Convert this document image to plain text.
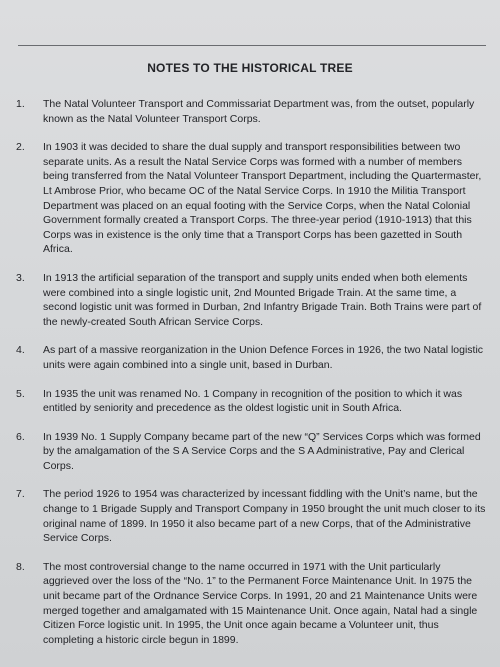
NOTES TO THE HISTORICAL TREE
1. The Natal Volunteer Transport and Commissariat Department was, from the outset, popularly known as the Natal Volunteer Transport Corps.
2. In 1903 it was decided to share the dual supply and transport responsibilities between two separate units. As a result the Natal Service Corps was formed with a number of members being transferred from the Natal Volunteer Transport Department, including the Quartermaster, Lt Ambrose Prior, who became OC of the Natal Service Corps. In 1910 the Militia Transport Department was placed on an equal footing with the Service Corps, when the Natal Colonial Government formally created a Transport Corps. The three-year period (1910-1913) that this Corps was in existence is the only time that a Transport Corps has been gazetted in South Africa.
3. In 1913 the artificial separation of the transport and supply units ended when both elements were combined into a single logistic unit, 2nd Mounted Brigade Train. At the same time, a second logistic unit was formed in Durban, 2nd Infantry Brigade Train. Both Trains were part of the newly-created South African Service Corps.
4. As part of a massive reorganization in the Union Defence Forces in 1926, the two Natal logistic units were again combined into a single unit, based in Durban.
5. In 1935 the unit was renamed No. 1 Company in recognition of the position to which it was entitled by seniority and precedence as the oldest logistic unit in South Africa.
6. In 1939 No. 1 Supply Company became part of the new “Q” Services Corps which was formed by the amalgamation of the S A Service Corps and the S A Administrative, Pay and Clerical Corps.
7. The period 1926 to 1954 was characterized by incessant fiddling with the Unit’s name, but the change to 1 Brigade Supply and Transport Company in 1950 brought the unit much closer to its original name of 1899. In 1950 it also became part of a new Corps, that of the Administrative Service Corps.
8. The most controversial change to the name occurred in 1971 with the Unit particularly aggrieved over the loss of the “No. 1” to the Permanent Force Maintenance Unit. In 1975 the unit became part of the Ordnance Service Corps. In 1991, 20 and 21 Maintenance Units were merged together and amalgamated with 15 Maintenance Unit. Once again, Natal had a single Citizen Force logistic unit. In 1995, the Unit once again became a Volunteer unit, thus completing a historic circle begun in 1899.
